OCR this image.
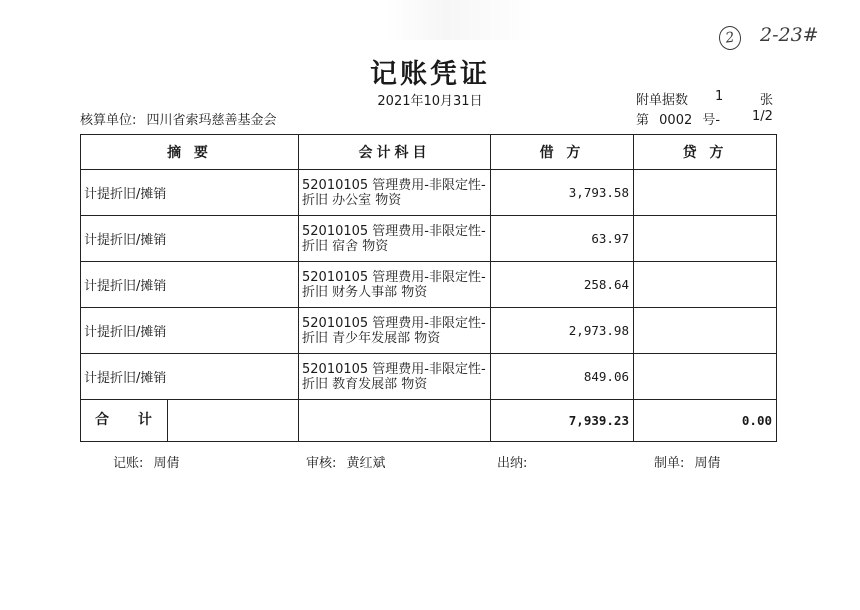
2 2-23#
记账凭证
2021年10月31日
核算单位: 四川省索玛慈善基金会
附单据数 1	张
第 0002 号- 1/2
摘 要	会计科目	借 方	贷 方
计提折旧/摊销	52010105 管理费用-非限定性-
折旧 办公室 物资	3,793.58	
计提折旧/摊销	52010105 管理费用-非限定性-
折旧 宿舍 物资	63.97	
计提折旧/摊销	52010105 管理费用-非限定性-
折旧 财务人事部 物资	258.64	
计提折旧/摊销	52010105 管理费用-非限定性-
折旧 青少年发展部 物资	2,973.98	
计提折旧/摊销	52010105 管理费用-非限定性-
折旧 教育发展部 物资	849.06	

合 计		7,939.23	0.00
记账: 周倩	审核: 黄红斌	出纳:	制单: 周倩
